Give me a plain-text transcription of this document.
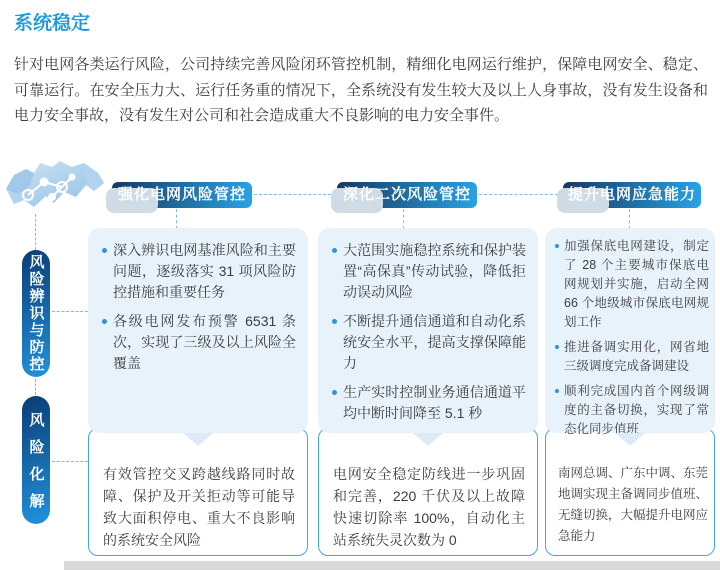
系统稳定
针对电网各类运行风险，公司持续完善风险闭环管控机制，精细化电网运行维护，保障电网安全、稳定、可靠运行。在安全压力大、运行任务重的情况下，全系统没有发生较大及以上人身事故，没有发生设备和电力安全事故，没有发生对公司和社会造成重大不良影响的电力安全事件。
强化电网风险管控	深化二次风险管控	提升电网应急能力
风险辨识与防控
风险化解
深入辨识电网基准风险和主要问题，逐级落实 31 项风险防控措施和重要任务
各级电网发布预警 6531 条次，实现了三级及以上风险全覆盖

有效管控交叉跨越线路同时故障、保护及开关拒动等可能导致大面积停电、重大不良影响的系统安全风险

大范围实施稳控系统和保护装置“高保真”传动试验，降低拒动误动风险
不断提升通信通道和自动化系统安全水平，提高支撑保障能力
生产实时控制业务通信通道平均中断时间降至 5.1 秒

电网安全稳定防线进一步巩固和完善，220 千伏及以上故障快速切除率 100%，自动化主站系统失灵次数为 0

加强保底电网建设，制定了 28 个主要城市保底电网规划并实施，启动全网 66 个地级城市保底电网规划工作
推进备调实用化，网省地三级调度完成备调建设
顺利完成国内首个网级调度的主备切换，实现了常态化同步值班

南网总调、广东中调、东莞地调实现主备调同步值班、无缝切换，大幅提升电网应急能力
